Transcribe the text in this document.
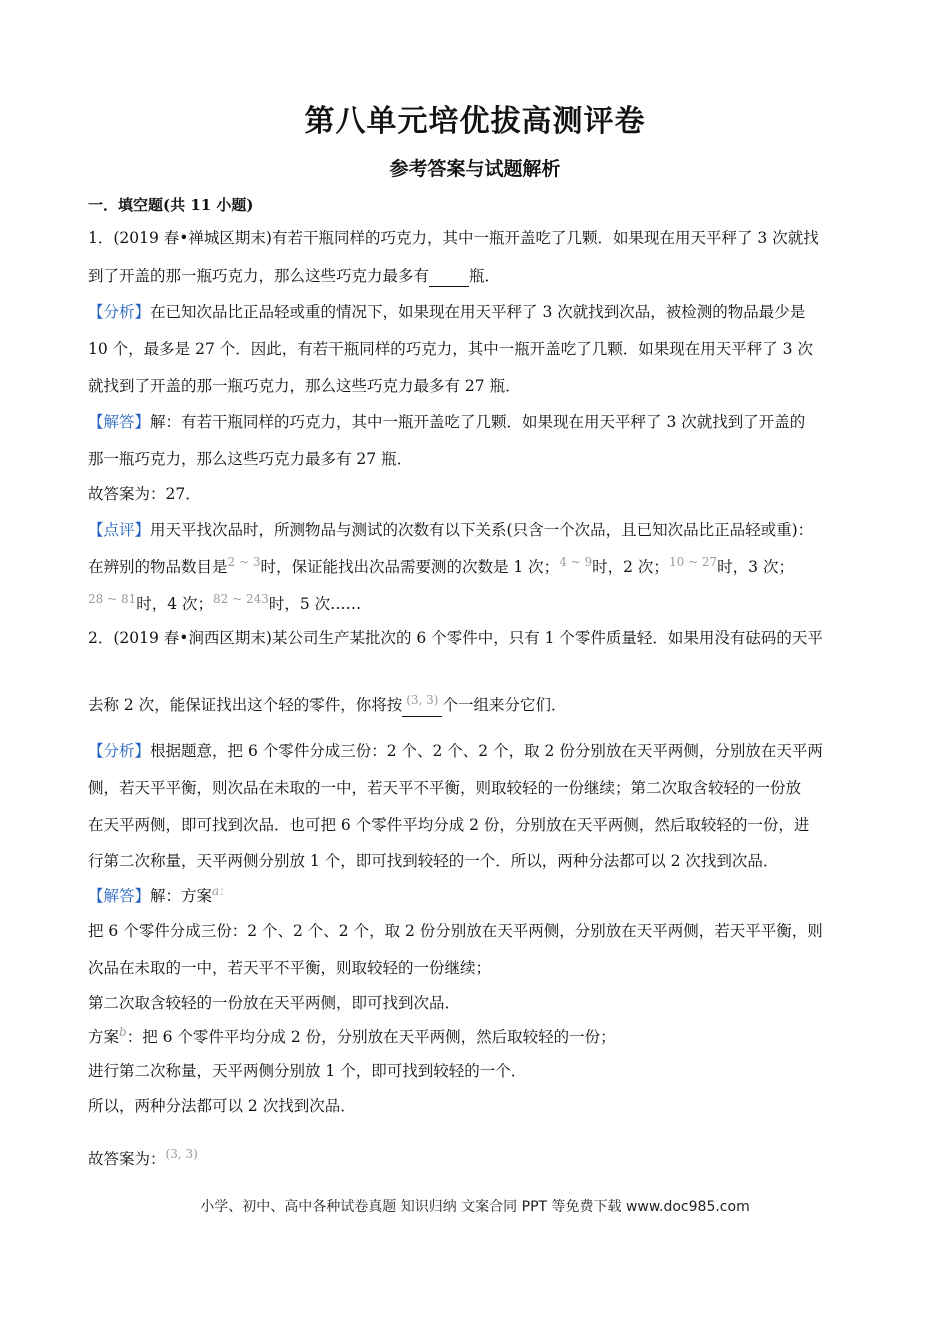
第八单元培优拔高测评卷
参考答案与试题解析
一．填空题(共 11 小题)
1．(2019 春•禅城区期末)有若干瓶同样的巧克力，其中一瓶开盖吃了几颗．如果现在用天平秤了 3 次就找
到了开盖的那一瓶巧克力，那么这些巧克力最多有	瓶．
【分析】在已知次品比正品轻或重的情况下，如果现在用天平秤了 3 次就找到次品，被检测的物品最少是
10 个，最多是 27 个．因此，有若干瓶同样的巧克力，其中一瓶开盖吃了几颗．如果现在用天平秤了 3 次
就找到了开盖的那一瓶巧克力，那么这些巧克力最多有 27 瓶．
【解答】解：有若干瓶同样的巧克力，其中一瓶开盖吃了几颗．如果现在用天平秤了 3 次就找到了开盖的
那一瓶巧克力，那么这些巧克力最多有 27 瓶．
故答案为：27．
【点评】用天平找次品时，所测物品与测试的次数有以下关系(只含一个次品，且已知次品比正品轻或重)：
在辨别的物品数目是$^{2 \sim 3}$时，保证能找出次品需要测的次数是 1 次；$^{4 \sim 9}$时，2 次；$^{10 \sim 27}$时，3 次；
$^{28 \sim 81}$时，4 次；$^{82 \sim 243}$时，5 次……
2．(2019 春•涧西区期末)某公司生产某批次的 6 个零件中，只有 1 个零件质量轻．如果用没有砝码的天平
去称 2 次，能保证找出这个轻的零件，你将按 $^{(3, 3)}$ 个一组来分它们．
【分析】根据题意，把 6 个零件分成三份：2 个、2 个、2 个，取 2 份分别放在天平两侧，分别放在天平两
侧，若天平平衡，则次品在未取的一中，若天平不平衡，则取较轻的一份继续；第二次取含较轻的一份放
在天平两侧，即可找到次品．也可把 6 个零件平均分成 2 份，分别放在天平两侧，然后取较轻的一份，进
行第二次称量，天平两侧分别放 1 个，即可找到较轻的一个．所以，两种分法都可以 2 次找到次品．
【解答】解：方案$^{a:}$
把 6 个零件分成三份：2 个、2 个、2 个，取 2 份分别放在天平两侧，分别放在天平两侧，若天平平衡，则
次品在未取的一中，若天平不平衡，则取较轻的一份继续；
第二次取含较轻的一份放在天平两侧，即可找到次品．
方案$^b$：把 6 个零件平均分成 2 份，分别放在天平两侧，然后取较轻的一份；
进行第二次称量，天平两侧分别放 1 个，即可找到较轻的一个．
所以，两种分法都可以 2 次找到次品．
故答案为：$^{(3, 3)}$
小学、初中、高中各种试卷真题 知识归纳 文案合同 PPT 等免费下载 www.doc985.com
